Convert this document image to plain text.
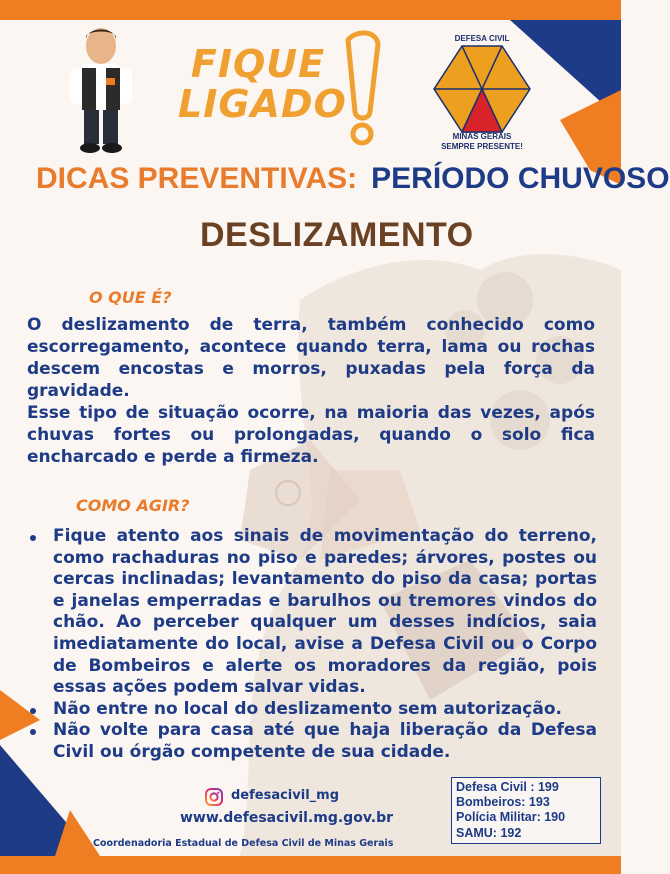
FIQUE
LIGADO
DEFESA CIVIL
MINAS GERAIS
SEMPRE PRESENTE!
DICAS PREVENTIVAS: PERÍODO CHUVOSO
DESLIZAMENTO
O QUE É?

O deslizamento de terra, também conhecido como escorregamento, acontece quando terra, lama ou rochas descem encostas e morros, puxadas pela força da gravidade.

Esse tipo de situação ocorre, na maioria das vezes, após chuvas fortes ou prolongadas, quando o solo fica encharcado e perde a firmeza.

COMO AGIR?
Fique atento aos sinais de movimentação do terreno, como rachaduras no piso e paredes; árvores, postes ou cercas inclinadas; levantamento do piso da casa; portas e janelas emperradas e barulhos ou tremores vindos do chão. Ao perceber qualquer um desses indícios, saia imediatamente do local, avise a Defesa Civil ou o Corpo de Bombeiros e alerte os moradores da região, pois essas ações podem salvar vidas.
Não entre no local do deslizamento sem autorização.
Não volte para casa até que haja liberação da Defesa Civil ou órgão competente de sua cidade.
defesacivil_mg
www.defesacivil.mg.gov.br
Coordenadoria Estadual de Defesa Civil de Minas Gerais
Defesa Civil : 199
Bombeiros: 193
Polícia Militar: 190
SAMU: 192
